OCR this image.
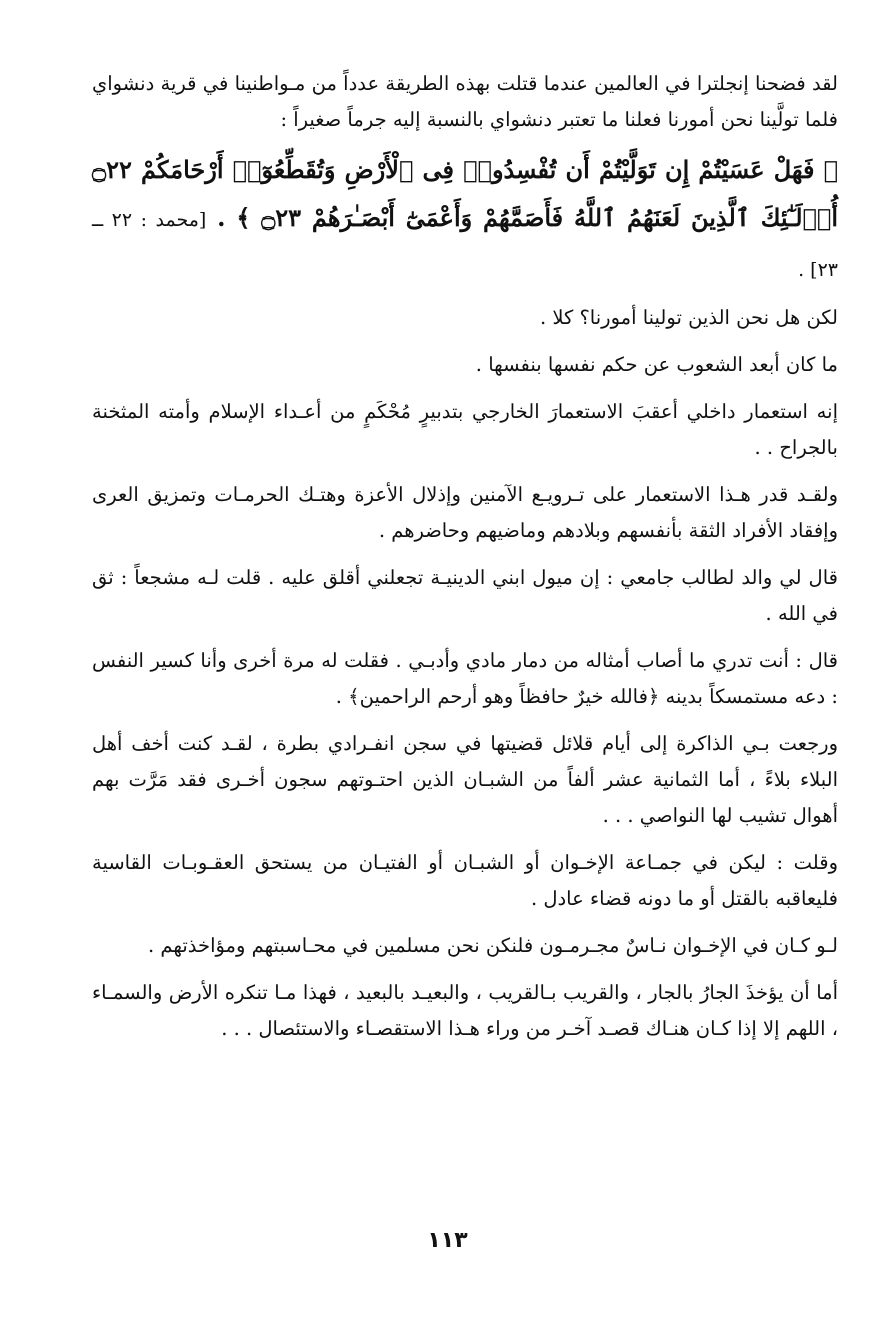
لقد فضحنا إنجلترا في العالمين عندما قتلت بهذه الطريقة عدداً من مـواطنينا في قرية دنشواي فلما تولَّينا نحن أمورنا فعلنا ما تعتبر دنشواي بالنسبة إليه جرماً صغيراً :

﴿ فَهَلْ عَسَيْتُمْ إِن تَوَلَّيْتُمْ أَن تُفْسِدُوا۟ فِى ٱلْأَرْضِ وَتُقَطِّعُوٓا۟ أَرْحَامَكُمْ ۝٢٢ أُو۟لَـٰٓئِكَ ٱلَّذِينَ لَعَنَهُمُ ٱللَّهُ فَأَصَمَّهُمْ وَأَعْمَىٰٓ أَبْصَـٰرَهُمْ ۝٢٣ ﴾ . [محمد : ٢٢ ــ ٢٣] .

لكن هل نحن الذين تولينا أمورنا؟ كلا .

ما كان أبعد الشعوب عن حكم نفسها بنفسها .

إنه استعمار داخلي أعقبَ الاستعمارَ الخارجي بتدبيرٍ مُحْكَمٍ من أعـداء الإسلام وأمته المثخنة بالجراح . .

ولقـد قدر هـذا الاستعمار على تـرويـع الآمنين وإذلال الأعزة وهتـك الحرمـات وتمزيق العرى وإفقاد الأفراد الثقة بأنفسهم وبلادهم وماضيهم وحاضرهم .

قال لي والد لطالب جامعي : إن ميول ابني الدينيـة تجعلني أقلق عليه . قلت لـه مشجعاً : ثق في الله .

قال : أنت تدري ما أصاب أمثاله من دمار مادي وأدبـي . فقلت له مرة أخرى وأنا كسير النفس : دعه مستمسكاً بدينه ﴿فالله خيرٌ حافظاً وهو أرحم الراحمين﴾ .

ورجعت بـي الذاكرة إلى أيام قلائل قضيتها في سجن انفـرادي بطرة ، لقـد كنت أخف أهل البلاء بلاءً ، أما الثمانية عشر ألفاً من الشبـان الذين احتـوتهم سجون أخـرى فقد مَرَّت بهم أهوال تشيب لها النواصي . . .

وقلت : ليكن في جمـاعة الإخـوان أو الشبـان أو الفتيـان من يستحق العقـوبـات القاسية فليعاقبه بالقتل أو ما دونه قضاء عادل .

لـو كـان في الإخـوان نـاسٌ مجـرمـون فلنكن نحن مسلمين في محـاسبتهم ومؤاخذتهم .

أما أن يؤخذَ الجارُ بالجار ، والقريب بـالقريب ، والبعيـد بالبعيد ، فهذا مـا تنكره الأرض والسمـاء ، اللهم إلا إذا كـان هنـاك قصـد آخـر من وراء هـذا الاستقصـاء والاستئصال . . .

١١٣
